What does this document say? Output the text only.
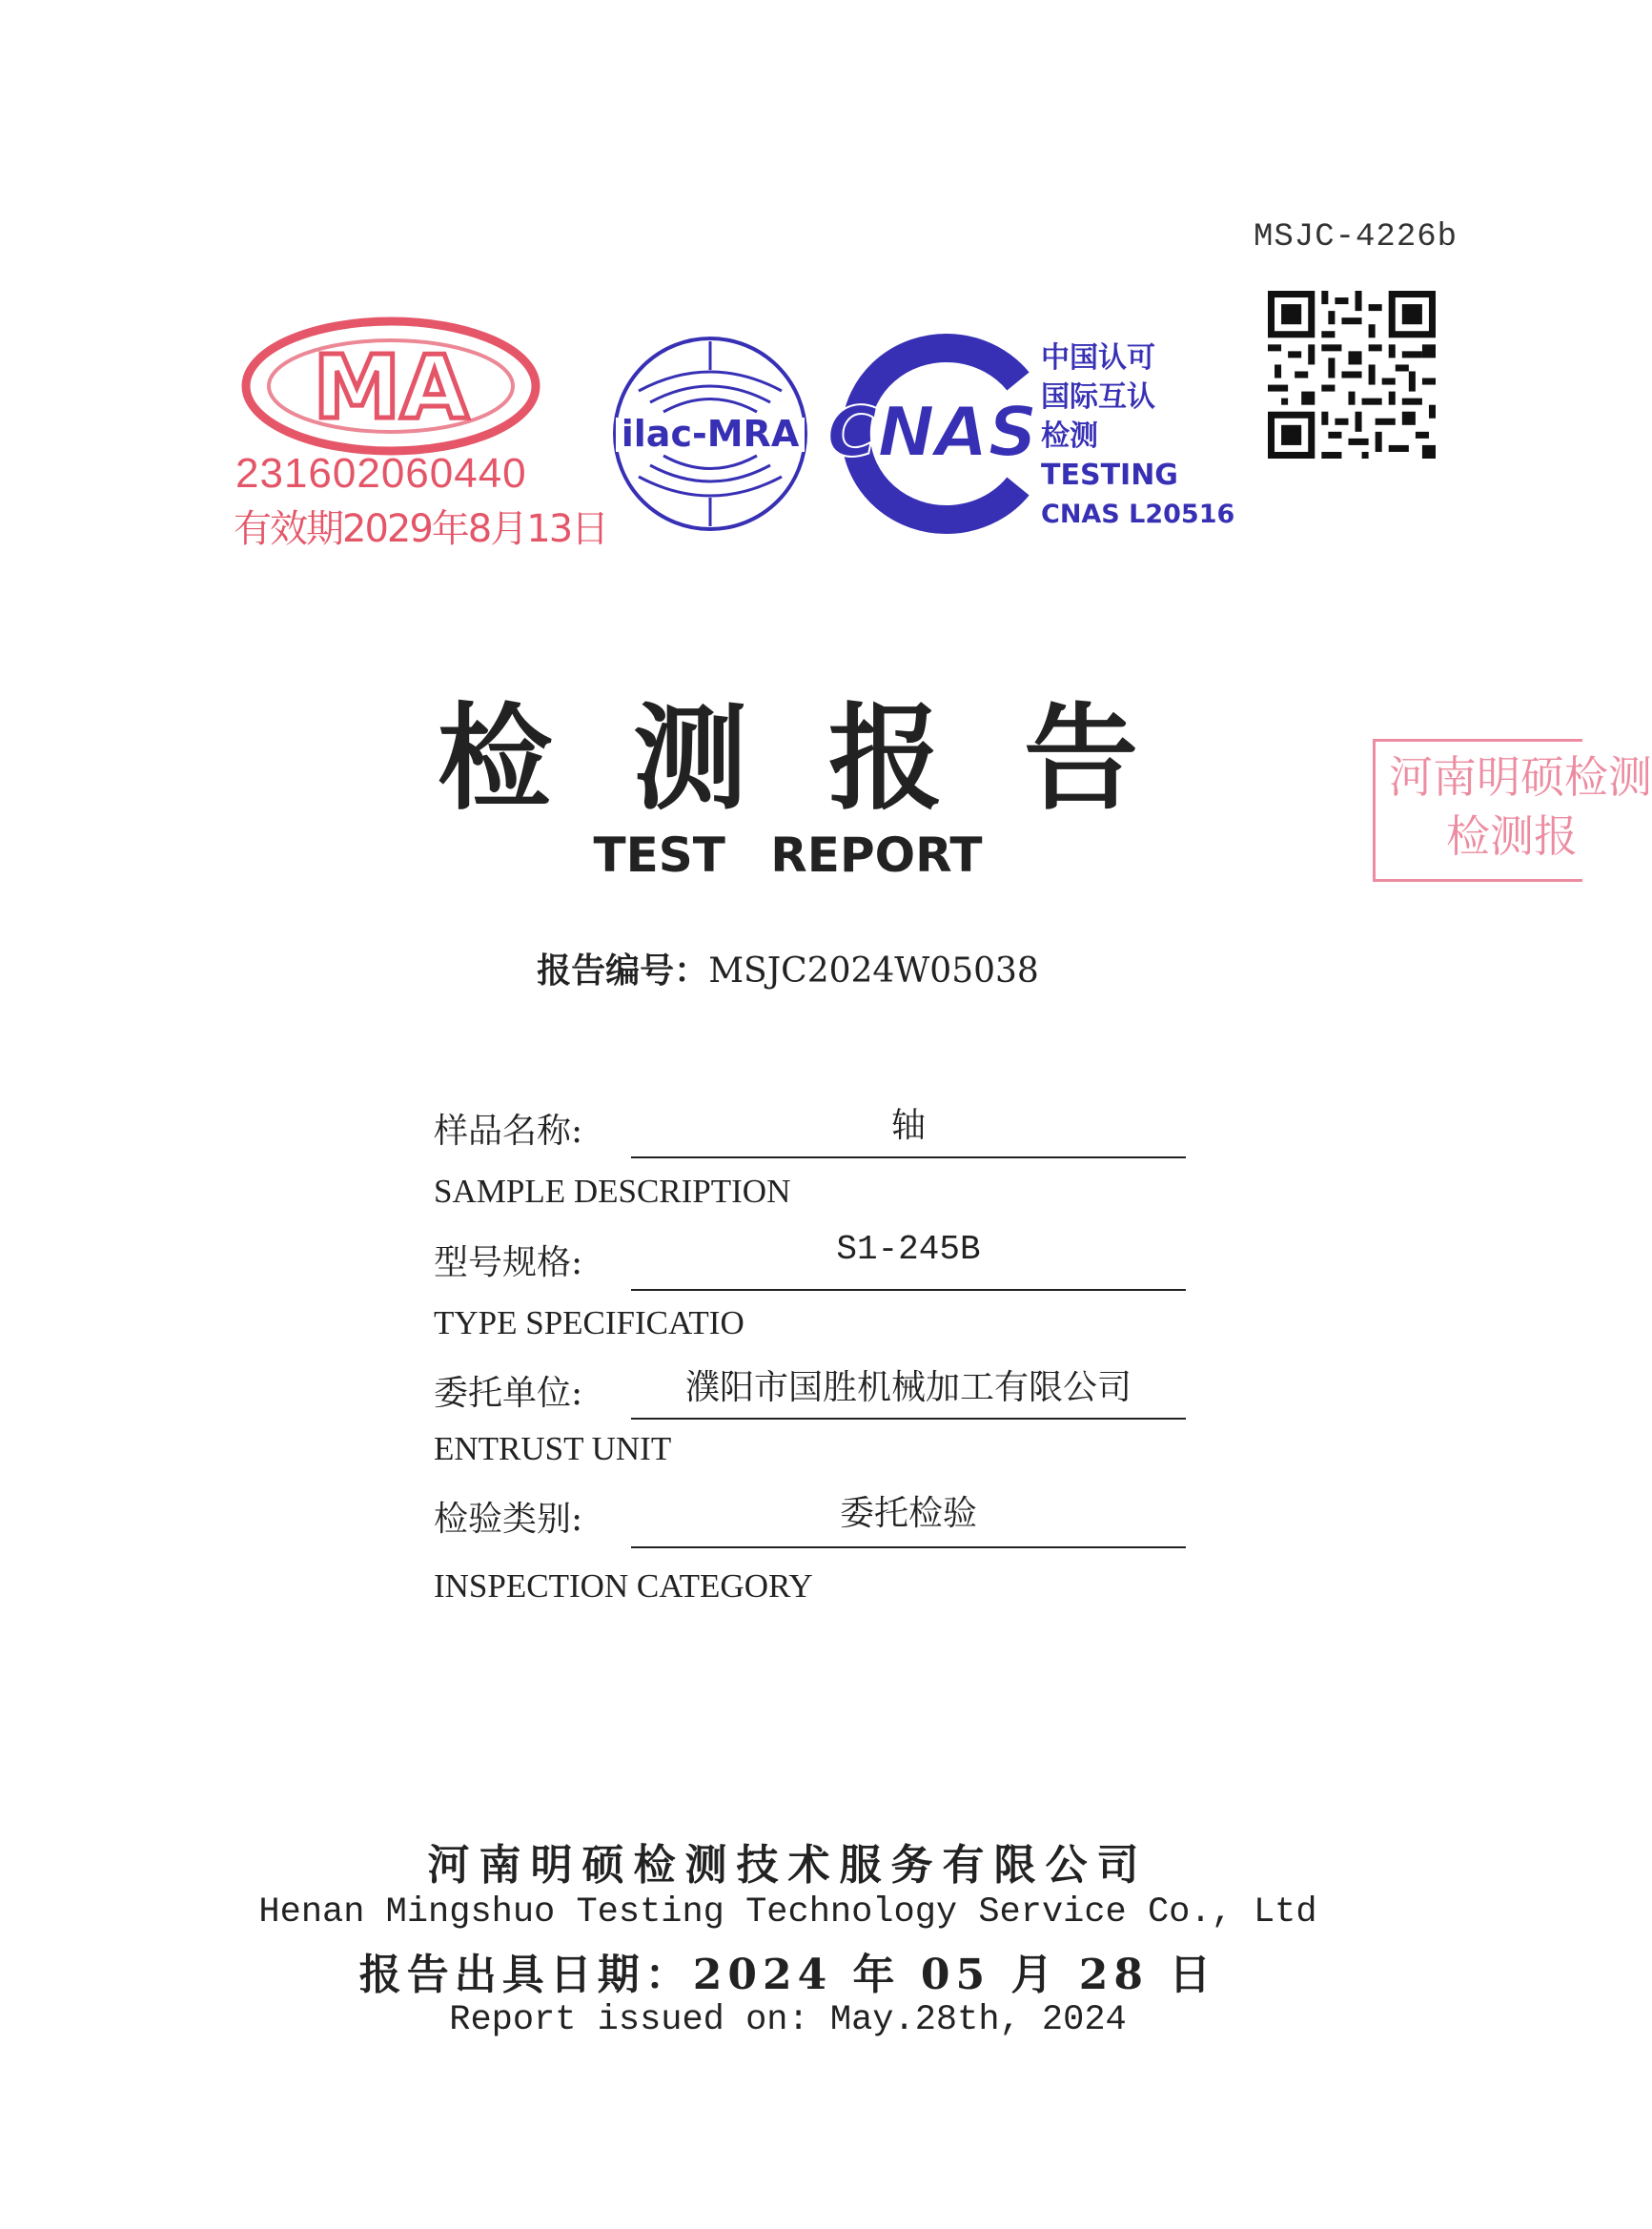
MSJC-4226b
MA
231602060440
有效期2029年8月13日
ilac-MRA CNAS
中国认可
国际互认
检测
TESTING
CNAS L20516
河南明硕检测
检测报
检测报告
TEST REPORT
报告编号：MSJC2024W05038
样品名称:	轴
SAMPLE DESCRIPTION
型号规格:	S1-245B
TYPE SPECIFICATIO
委托单位:	濮阳市国胜机械加工有限公司
ENTRUST UNIT
检验类别:	委托检验
INSPECTION CATEGORY
河南明硕检测技术服务有限公司
Henan Mingshuo Testing Technology Service Co., Ltd
报告出具日期：2024 年 05 月 28 日
Report issued on: May.28th, 2024
